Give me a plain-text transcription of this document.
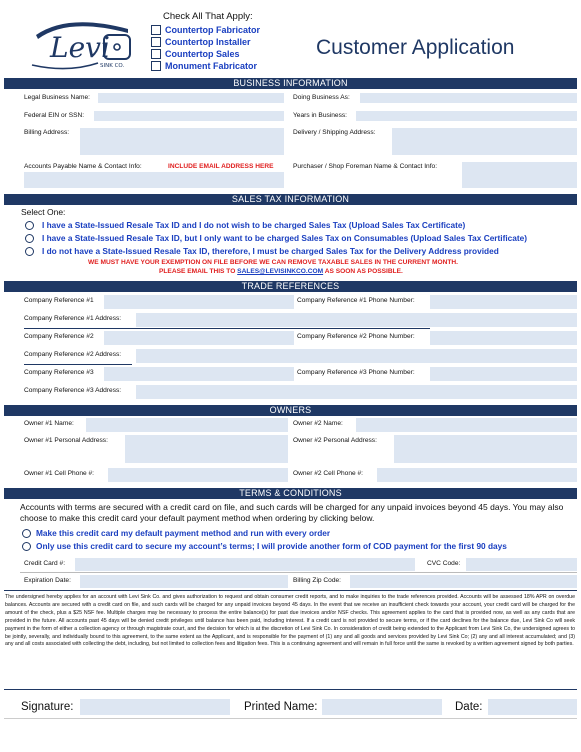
Levi
SINK CO.
Check All That Apply:
Countertop Fabricator
Countertop Installer
Countertop Sales
Monument Fabricator
Customer Application
BUSINESS INFORMATION
Legal Business Name:	Doing Business As:
Federal EIN or SSN:	Years in Business:
Billing Address:	Delivery / Shipping Address:
Accounts Payable Name & Contact Info:	INCLUDE EMAIL ADDRESS HERE	Purchaser / Shop Foreman Name & Contact Info:
SALES TAX INFORMATION
Select One:
I have a State-Issued Resale Tax ID and I do not wish to be charged Sales Tax (Upload Sales Tax Certificate)
I have a State-Issued Resale Tax ID, but I only want to be charged Sales Tax on Consumables (Upload Sales Tax Certificate)
I do not have a State-Issued Resale Tax ID, therefore, I must be charged Sales Tax for the Delivery Address provided
WE MUST HAVE YOUR EXEMPTION ON FILE BEFORE WE CAN REMOVE TAXABLE SALES IN THE CURRENT MONTH.
PLEASE EMAIL THIS TO SALES@LEVISINKCO.COM AS SOON AS POSSIBLE.
TRADE REFERENCES
Company Reference #1	Company Reference #1 Phone Number:
Company Reference #1 Address:
Company Reference #2	Company Reference #2 Phone Number:
Company Reference #2 Address:
Company Reference #3	Company Reference #3 Phone Number:
Company Reference #3 Address:
OWNERS
Owner #1 Name:	Owner #2 Name:
Owner #1 Personal Address:	Owner #2 Personal Address:
Owner #1 Cell Phone #:	Owner #2 Cell Phone #:
TERMS & CONDITIONS
Accounts with terms are secured with a credit card on file, and such cards will be charged for any unpaid invoices beyond 45 days. You may also choose to make this credit card your default payment method when ordering by clicking below.
Make this credit card my default payment method and run with every order
Only use this credit card to secure my account’s terms; I will provide another form of COD payment for the first 90 days
Credit Card #:	CVC Code:
Expiration Date:	Billing Zip Code:
The undersigned hereby applies for an account with Levi Sink Co. and gives authorization to request and obtain consumer credit reports, and to make inquiries to the trade references provided. Accounts will be assessed 18% APR on overdue balances. Accounts are secured with a credit card on file, and such cards will be charged for any unpaid invoices beyond 45 days. In the event that we receive an insufficient check towards your account, your credit card will be charged for the amount of the check, plus a $25 NSF fee. Multiple charges may be necessary to process the entire balance(s) for past due invoices and/or NSF checks. This agreement applies to the card that is provided now, as well as any cards that are provided in the future. All accounts past 45 days will be denied credit privileges until balance has been paid, including interest. If a credit card is not provided to secure terms, or if the card declines for the balance due, Levi Sink Co will seek payment in the form of either a collection agency or through magistrate court, and the decision for which is at the discretion of Levi Sink Co. In consideration of credit being extended to the Applicant from Levi Sink Co, the undersigned agrees to be jointly, severally, and individually bound to this agreement, to the same extent as the Applicant, and is responsible for the payment of (1) any and all goods and services provided by Levi Sink Co; (2) any and all interest accumulated; and (3) any and all costs associated with collecting the debt, including, but not limited to collection fees and litigation fees. This is a continuing agreement and will remain in full force until the same is revoked by a written agreement signed by both parties.
Signature:	Printed Name:	Date:
